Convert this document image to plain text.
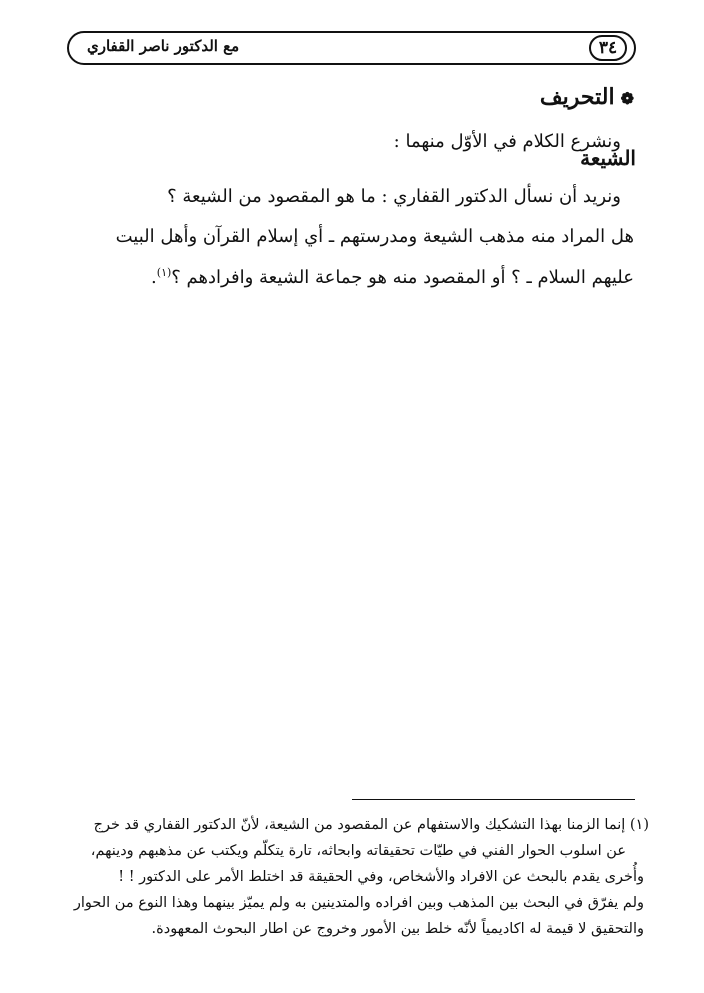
٣٤
مع الدكتور ناصر القفاري
❁التحريف
ونشرع الكلام في الأوّل منهما :
الشيعة
ونريد أن نسأل الدكتور القفاري : ما هو المقصود من الشيعة ؟
هل المراد منه مذهب الشيعة ومدرستهم ـ أي إسلام القرآن وأهل البيت
عليهم السلام ـ ؟ أو المقصود منه هو جماعة الشيعة وافرادهم ؟$^{(١)}$.
(١) إنما الزمنا بهذا التشكيك والاستفهام عن المقصود من الشيعة، لأنّ الدكتور القفاري قد خرج
عن اسلوب الحوار الفني في طيّات تحقيقاته وابحاثه، تارة يتكلّم ويكتب عن مذهبهم ودينهم،
وأُخرى يقدم بالبحث عن الافراد والأشخاص، وفي الحقيقة قد اختلط الأمر على الدكتور ! !
ولم يفرّق في البحث بين المذهب وبين افراده والمتدينين به ولم يميّز بينهما وهذا النوع من الحوار
والتحقيق لا قيمة له اكاديمياً لأنّه خلط بين الأمور وخروج عن اطار البحوث المعهودة.
